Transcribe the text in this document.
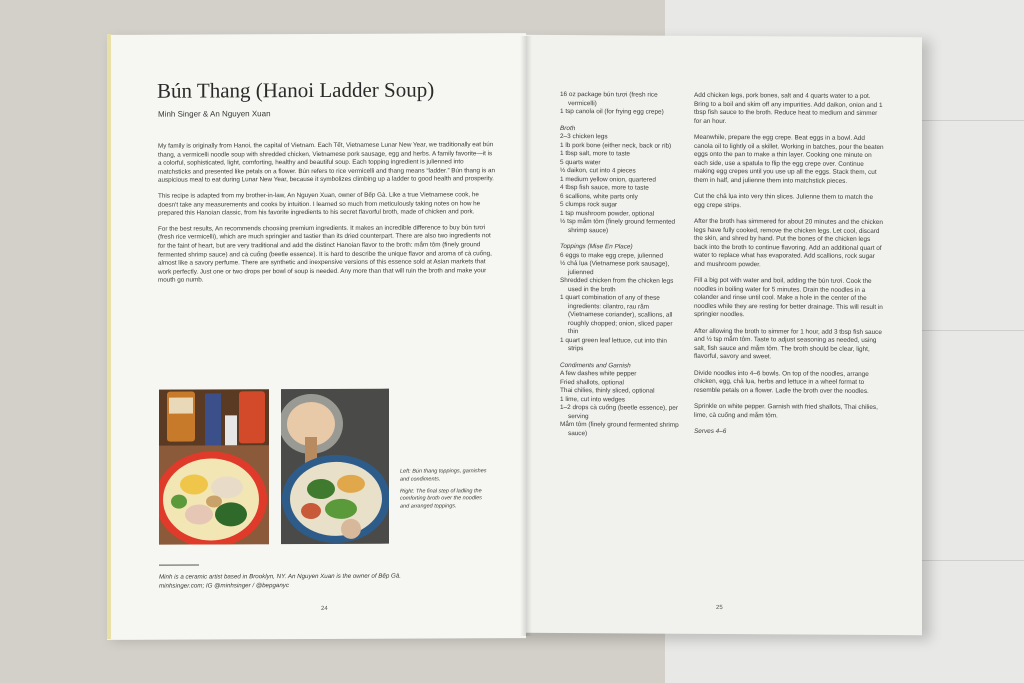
Bún Thang (Hanoi Ladder Soup)
Minh Singer & An Nguyen Xuan

My family is originally from Hanoi, the capital of Vietnam. Each Tết, Vietnamese Lunar New Year, we traditionally eat bún thang, a vermicelli noodle soup with shredded chicken, Vietnamese pork sausage, egg and herbs. A family favorite—it is a colorful, sophisticated, light, comforting, healthy and beautiful soup. Each topping ingredient is julienned into matchsticks and presented like petals on a flower. Bún refers to rice vermicelli and thang means “ladder.” Bún thang is an auspicious meal to eat during Lunar New Year, because it symbolizes climbing up a ladder to good health and prosperity.

This recipe is adapted from my brother-in-law, An Nguyen Xuan, owner of Bếp Gà. Like a true Vietnamese cook, he doesn't take any measurements and cooks by intuition. I learned so much from meticulously taking notes on how he prepared this Hanoian classic, from his favorite ingredients to his secret flavorful broth, made of chicken and pork.

For the best results, An recommends choosing premium ingredients. It makes an incredible difference to buy bún tươi (fresh rice vermicelli), which are much springier and tastier than its dried counterpart. There are also two ingredients not for the faint of heart, but are very traditional and add the distinct Hanoian flavor to the broth: mắm tôm (finely ground fermented shrimp sauce) and cà cuống (beetle essence). It is hard to describe the unique flavor and aroma of cà cuống, almost like a savory perfume. There are synthetic and inexpensive versions of this essence sold at Asian markets that work perfectly. Just one or two drops per bowl of soup is needed. Any more than that will ruin the broth and make your mouth go numb.

Left: Bún thang toppings, garnishes and condiments.

Right: The final step of ladling the comforting broth over the noodles and arranged toppings.

Minh is a ceramic artist based in Brooklyn, NY. An Nguyen Xuan is the owner of Bếp Gà.
minhsinger.com; IG @minhsinger / @bepganyc
24

16 oz package bún tươi (fresh rice vermicelli)

1 tsp canola oil (for frying egg crepe)

Broth

2–3 chicken legs

1 lb pork bone (either neck, back or rib)

1 tbsp salt, more to taste

5 quarts water

½ daikon, cut into 4 pieces

1 medium yellow onion, quartered

4 tbsp fish sauce, more to taste

6 scallions, white parts only

5 clumps rock sugar

1 tsp mushroom powder, optional

½ tsp mắm tôm (finely ground fermented shrimp sauce)

Toppings (Mise En Place)

6 eggs to make egg crepe, julienned

½ chả lụa (Vietnamese pork sausage), julienned

Shredded chicken from the chicken legs used in the broth

1 quart combination of any of these ingredients: cilantro, rau răm (Vietnamese coriander), scallions, all roughly chopped; onion, sliced paper thin

1 quart green leaf lettuce, cut into thin strips

Condiments and Garnish

A few dashes white pepper

Fried shallots, optional

Thai chilies, thinly sliced, optional

1 lime, cut into wedges

1–2 drops cà cuống (beetle essence), per serving

Mắm tôm (finely ground fermented shrimp sauce)

Add chicken legs, pork bones, salt and 4 quarts water to a pot. Bring to a boil and skim off any impurities. Add daikon, onion and 1 tbsp fish sauce to the broth. Reduce heat to medium and simmer for an hour.

Meanwhile, prepare the egg crepe. Beat eggs in a bowl. Add canola oil to lightly oil a skillet. Working in batches, pour the beaten eggs onto the pan to make a thin layer. Cooking one minute on each side, use a spatula to flip the egg crepe over. Continue making egg crepes until you use up all the eggs. Stack them, cut them in half, and julienne them into matchstick pieces.

Cut the chả lụa into very thin slices. Julienne them to match the egg crepe strips.

After the broth has simmered for about 20 minutes and the chicken legs have fully cooked, remove the chicken legs. Let cool, discard the skin, and shred by hand. Put the bones of the chicken legs back into the broth to continue flavoring. Add an additional quart of water to replace what has evaporated. Add scallions, rock sugar and mushroom powder.

Fill a big pot with water and boil, adding the bún tươi. Cook the noodles in boiling water for 5 minutes. Drain the noodles in a colander and rinse until cool. Make a hole in the center of the noodles while they are resting for better drainage. This will result in springier noodles.

After allowing the broth to simmer for 1 hour, add 3 tbsp fish sauce and ½ tsp mắm tôm. Taste to adjust seasoning as needed, using salt, fish sauce and mắm tôm. The broth should be clear, light, flavorful, savory and sweet.

Divide noodles into 4–6 bowls. On top of the noodles, arrange chicken, egg, chả lụa, herbs and lettuce in a wheel format to resemble petals on a flower. Ladle the broth over the noodles.

Sprinkle on white pepper. Garnish with fried shallots, Thai chilies, lime, cà cuống and mắm tôm.

Serves 4–6

25
